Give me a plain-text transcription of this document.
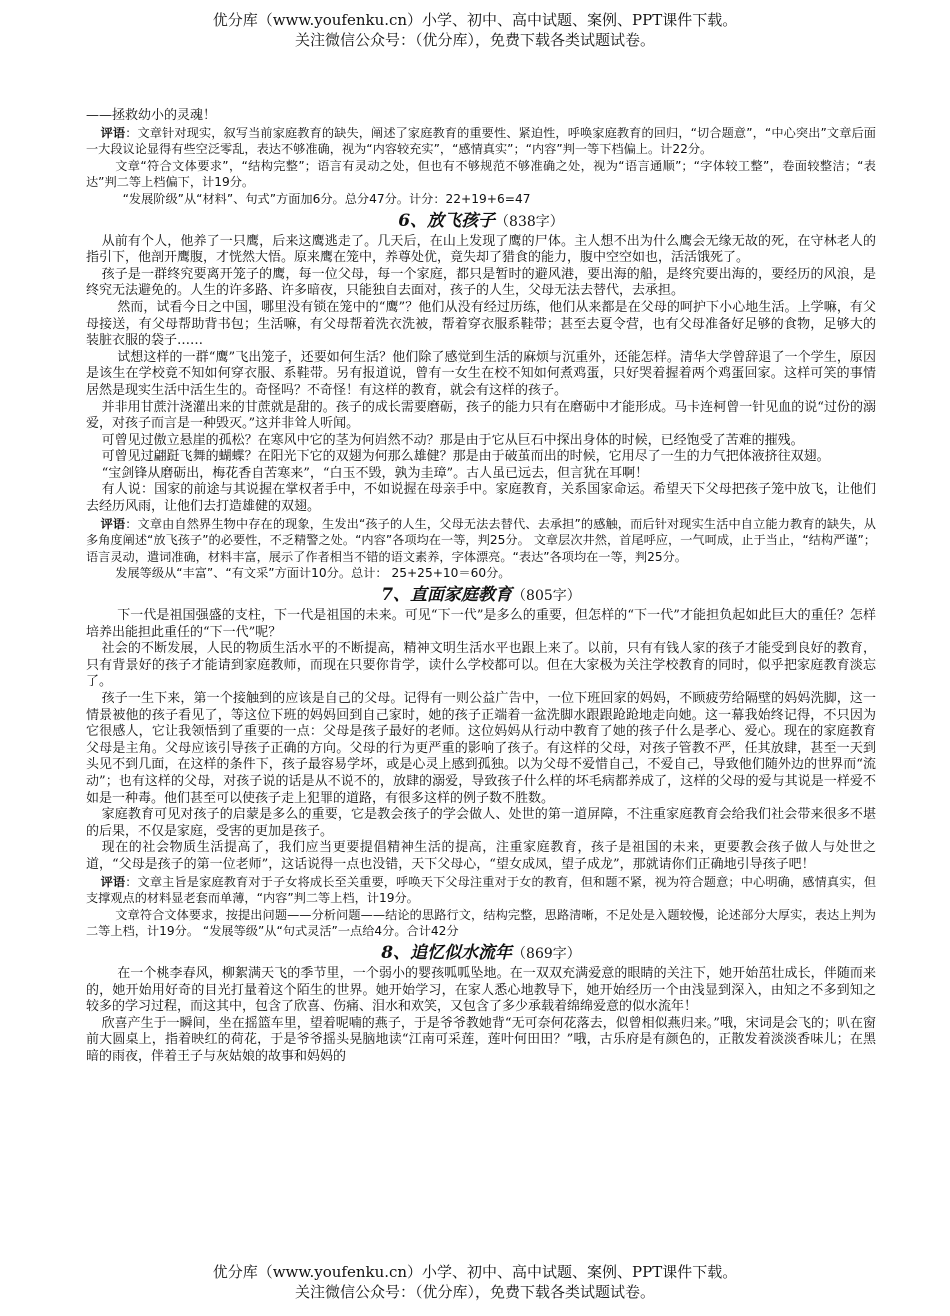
优分库（www.youfenku.cn）小学、初中、高中试题、案例、PPT课件下载。
关注微信公众号：（优分库），免费下载各类试题试卷。

——拯救幼小的灵魂！

评语：文章针对现实，叙写当前家庭教育的缺失，阐述了家庭教育的重要性、紧迫性，呼唤家庭教育的回归，“切合题意”，“中心突出”文章后面一大段议论显得有些空泛零乱，表达不够准确，视为“内容较充实”，“感情真实”；“内容”判一等下档偏上。计22分。

文章“符合文体要求”，“结构完整”；语言有灵动之处，但也有不够规范不够准确之处，视为“语言通顺”；“字体较工整”，卷面较整洁；“表达”判二等上档偏下，计19分。

“发展阶级”从“材料”、句式”方面加6分。总分47分。计分：22+19+6=47

6、放飞孩子（838字）

从前有个人，他养了一只鹰，后来这鹰逃走了。几天后，在山上发现了鹰的尸体。主人想不出为什么鹰会无缘无故的死，在守林老人的指引下，他剖开鹰腹，才恍然大悟。原来鹰在笼中，养尊处优，竟失却了猎食的能力，腹中空空如也，活活饿死了。

孩子是一群终究要离开笼子的鹰，每一位父母，每一个家庭，都只是暂时的避风港，要出海的船，是终究要出海的，要经历的风浪，是终究无法避免的。人生的许多路、许多暗夜，只能独自去面对，孩子的人生，父母无法去替代，去承担。

然而，试看今日之中国，哪里没有锁在笼中的“鹰”？他们从没有经过历练，他们从来都是在父母的呵护下小心地生活。上学嘛，有父母接送，有父母帮助背书包；生活嘛，有父母帮着洗衣洗被，帮着穿衣服系鞋带；甚至去夏令营，也有父母准备好足够的食物，足够大的装脏衣服的袋子……

试想这样的一群“鹰”飞出笼子，还要如何生活？他们除了感觉到生活的麻烦与沉重外，还能怎样。清华大学曾辞退了一个学生，原因是该生在学校竟不知如何穿衣服、系鞋带。另有报道说，曾有一女生在校不知如何煮鸡蛋，只好哭着握着两个鸡蛋回家。这样可笑的事情居然是现实生活中活生生的。奇怪吗？不奇怪！有这样的教育，就会有这样的孩子。

并非用甘蔗汁浇灌出来的甘蔗就是甜的。孩子的成长需要磨砺，孩子的能力只有在磨砺中才能形成。马卡连柯曾一针见血的说“过份的溺爱，对孩子而言是一种毁灭。”这并非耸人听闻。

可曾见过傲立悬崖的孤松？在寒风中它的茎为何岿然不动？那是由于它从巨石中探出身体的时候，已经饱受了苦难的摧残。

可曾见过翩跹飞舞的蝴蝶？在阳光下它的双翅为何那么雄健？那是由于破茧而出的时候，它用尽了一生的力气把体液挤往双翅。

“宝剑锋从磨砺出，梅花香自苦寒来”，“白玉不毁，孰为圭璋”。古人虽已远去，但言犹在耳啊！

有人说：国家的前途与其说握在掌权者手中，不如说握在母亲手中。家庭教育，关系国家命运。希望天下父母把孩子笼中放飞，让他们去经历风雨，让他们去打造雄健的双翅。

评语：文章由自然界生物中存在的现象，生发出“孩子的人生，父母无法去替代、去承担”的感触，而后针对现实生活中自立能力教育的缺失，从多角度阐述“放飞孩子”的必要性，不乏精警之处。“内容”各项均在一等，判25分。 文章层次井然，首尾呼应，一气呵成，止于当止，“结构严谨”；语言灵动，遣词准确，材料丰富，展示了作者相当不错的语文素养，字体漂亮。“表达”各项均在一等，判25分。

发展等级从“丰富”、“有文采”方面计10分。总计： 25+25+10＝60分。

7、直面家庭教育（805字）

下一代是祖国强盛的支柱，下一代是祖国的未来。可见“下一代”是多么的重要，但怎样的“下一代”才能担负起如此巨大的重任？怎样培养出能担此重任的“下一代”呢？

社会的不断发展，人民的物质生活水平的不断提高，精神文明生活水平也跟上来了。以前，只有有钱人家的孩子才能受到良好的教育，只有背景好的孩子才能请到家庭教师，而现在只要你肯学，读什么学校都可以。但在大家极为关注学校教育的同时，似乎把家庭教育淡忘了。

孩子一生下来，第一个接触到的应该是自己的父母。记得有一则公益广告中，一位下班回家的妈妈，不顾疲劳给隔壁的妈妈洗脚，这一情景被他的孩子看见了，等这位下班的妈妈回到自己家时，她的孩子正端着一盆洗脚水跟跟跄跄地走向她。这一幕我始终记得，不只因为它很感人，它让我领悟到了重要的一点：父母是孩子最好的老师。这位妈妈从行动中教育了她的孩子什么是孝心、爱心。现在的家庭教育父母是主角。父母应该引导孩子正确的方向。父母的行为更严重的影响了孩子。有这样的父母，对孩子管教不严，任其放肆，甚至一天到头见不到几面，在这样的条件下，孩子最容易学坏，或是心灵上感到孤独。以为父母不爱惜自己，不爱自己，导致他们随外边的世界而“流动”；也有这样的父母，对孩子说的话是从不说不的，放肆的溺爱，导致孩子什么样的坏毛病都养成了，这样的父母的爱与其说是一样爱不如是一种毒。他们甚至可以使孩子走上犯罪的道路，有很多这样的例子数不胜数。

家庭教育可见对孩子的启蒙是多么的重要，它是教会孩子的学会做人、处世的第一道屏障，不注重家庭教育会给我们社会带来很多不堪的后果，不仅是家庭，受害的更加是孩子。

现在的社会物质生活提高了，我们应当更要提倡精神生活的提高，注重家庭教育，孩子是祖国的未来，更要教会孩子做人与处世之道，“父母是孩子的第一位老师”，这话说得一点也没错，天下父母心，“望女成凤，望子成龙”，那就请你们正确地引导孩子吧！

评语：文章主旨是家庭教育对于子女将成长至关重要，呼唤天下父母注重对于女的教育，但和题不紧，视为符合题意；中心明确，感情真实，但支撑观点的材料显老套而单薄，“内容”判二等上档，计19分。

文章符合文体要求，按提出问题——分析问题——结论的思路行文，结构完整，思路清晰，不足处是入题较慢，论述部分大厚实，表达上判为二等上档，计19分。 “发展等级”从“句式灵活”一点给4分。合计42分

8、追忆似水流年（869字）

在一个桃李春风，柳絮满天飞的季节里，一个弱小的婴孩呱呱坠地。在一双双充满爱意的眼睛的关注下，她开始茁壮成长，伴随而来的，她开始用好奇的目光打量着这个陌生的世界。她开始学习，在家人悉心地教导下，她开始经历一个由浅显到深入，由知之不多到知之较多的学习过程，而这其中，包含了欣喜、伤痛、泪水和欢笑，又包含了多少承载着绵绵爱意的似水流年！

欣喜产生于一瞬间，坐在摇篮车里，望着呢喃的燕子，于是爷爷教她背“无可奈何花落去，似曾相似燕归来。”哦，宋词是会飞的；叭在窗前大圆桌上，指着映红的荷花，于是爷爷摇头晃脑地读“江南可采莲，莲叶何田田？”哦，古乐府是有颜色的，正散发着淡淡香味儿；在黑暗的雨夜，伴着王子与灰姑娘的故事和妈妈的

优分库（www.youfenku.cn）小学、初中、高中试题、案例、PPT课件下载。
关注微信公众号：（优分库），免费下载各类试题试卷。
